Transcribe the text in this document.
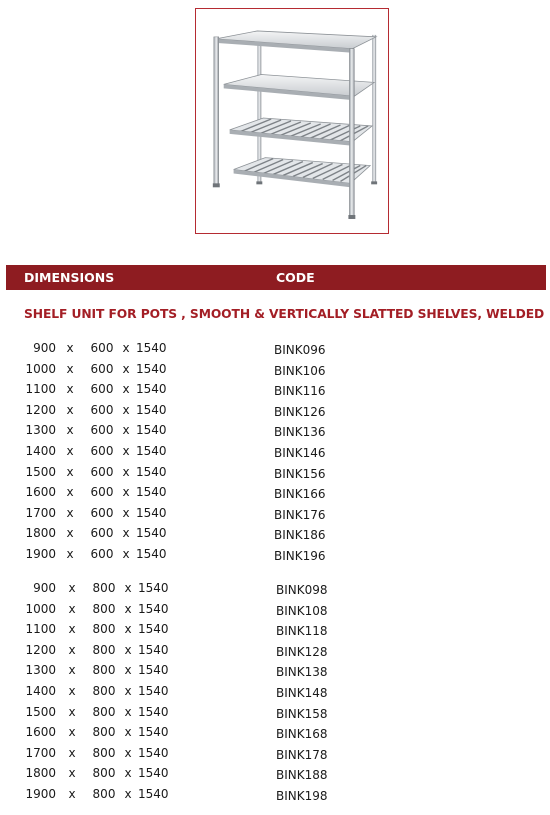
DIMENSIONS	CODE
SHELF UNIT FOR POTS , SMOOTH & VERTICALLY SLATTED SHELVES, WELDED
900 x 600 x 1540	BINK096
1000 x 600 x 1540	BINK106
1100 x 600 x 1540	BINK116
1200 x 600 x 1540	BINK126
1300 x 600 x 1540	BINK136
1400 x 600 x 1540	BINK146
1500 x 600 x 1540	BINK156
1600 x 600 x 1540	BINK166
1700 x 600 x 1540	BINK176
1800 x 600 x 1540	BINK186
1900 x 600 x 1540	BINK196
900 x 800 x 1540	BINK098
1000 x 800 x 1540	BINK108
1100 x 800 x 1540	BINK118
1200 x 800 x 1540	BINK128
1300 x 800 x 1540	BINK138
1400 x 800 x 1540	BINK148
1500 x 800 x 1540	BINK158
1600 x 800 x 1540	BINK168
1700 x 800 x 1540	BINK178
1800 x 800 x 1540	BINK188
1900 x 800 x 1540	BINK198
